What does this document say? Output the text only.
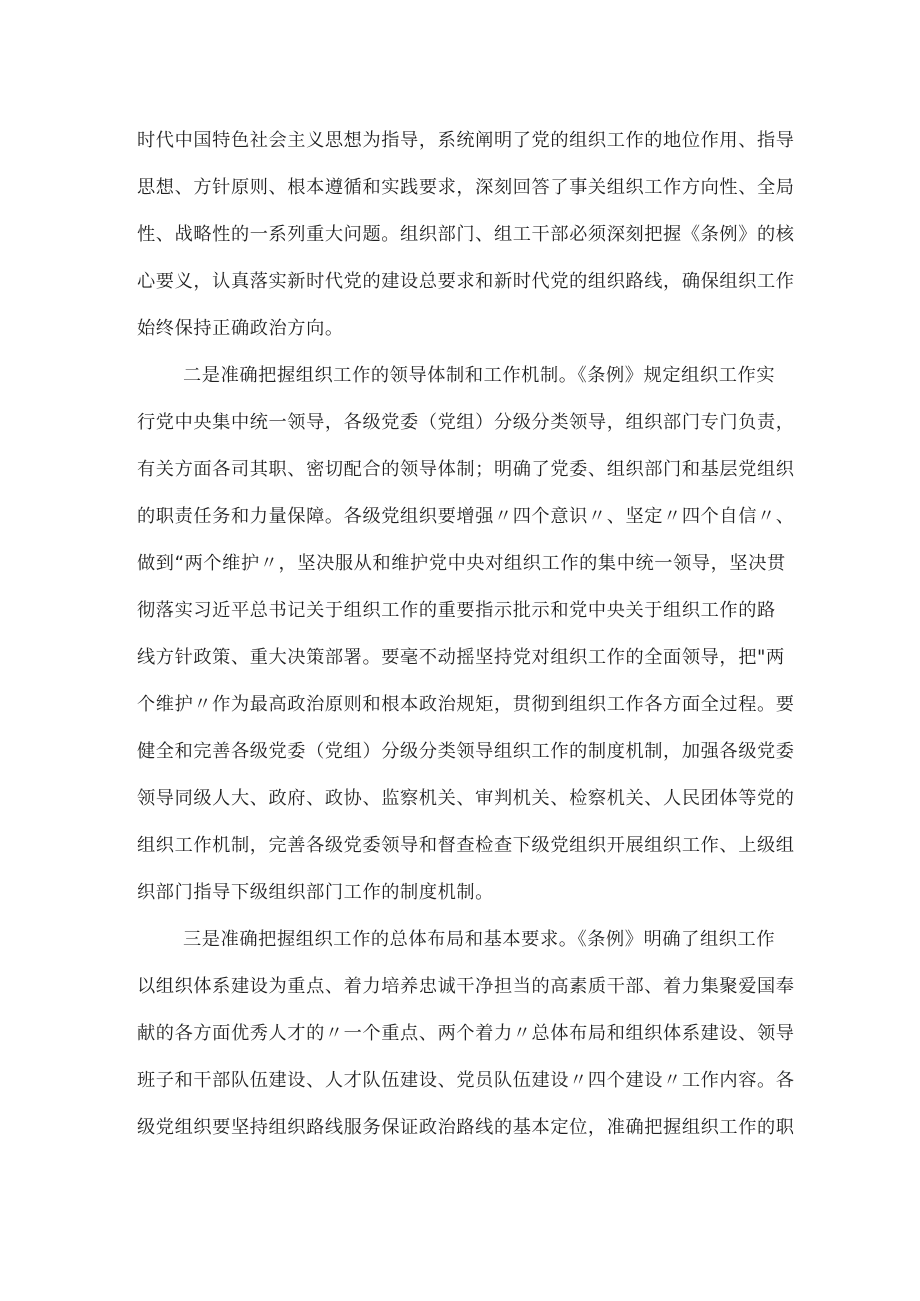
时代中国特色社会主义思想为指导，系统阐明了党的组织工作的地位作用、指导
思想、方针原则、根本遵循和实践要求，深刻回答了事关组织工作方向性、全局
性、战略性的一系列重大问题。组织部门、组工干部必须深刻把握《条例》的核
心要义，认真落实新时代党的建设总要求和新时代党的组织路线，确保组织工作
始终保持正确政治方向。
二是准确把握组织工作的领导体制和工作机制。《条例》规定组织工作实
行党中央集中统一领导，各级党委（党组）分级分类领导，组织部门专门负责，
有关方面各司其职、密切配合的领导体制；明确了党委、组织部门和基层党组织
的职责任务和力量保障。各级党组织要增强〃四个意识〃、坚定〃四个自信〃、
做到“两个维护〃，坚决服从和维护党中央对组织工作的集中统一领导，坚决贯
彻落实习近平总书记关于组织工作的重要指示批示和党中央关于组织工作的路
线方针政策、重大决策部署。要毫不动摇坚持党对组织工作的全面领导，把"两
个维护〃作为最高政治原则和根本政治规矩，贯彻到组织工作各方面全过程。要
健全和完善各级党委（党组）分级分类领导组织工作的制度机制，加强各级党委
领导同级人大、政府、政协、监察机关、审判机关、检察机关、人民团体等党的
组织工作机制，完善各级党委领导和督查检查下级党组织开展组织工作、上级组
织部门指导下级组织部门工作的制度机制。
三是准确把握组织工作的总体布局和基本要求。《条例》明确了组织工作
以组织体系建设为重点、着力培养忠诚干净担当的高素质干部、着力集聚爱国奉
献的各方面优秀人才的〃一个重点、两个着力〃总体布局和组织体系建设、领导
班子和干部队伍建设、人才队伍建设、党员队伍建设〃四个建设〃工作内容。各
级党组织要坚持组织路线服务保证政治路线的基本定位，准确把握组织工作的职
